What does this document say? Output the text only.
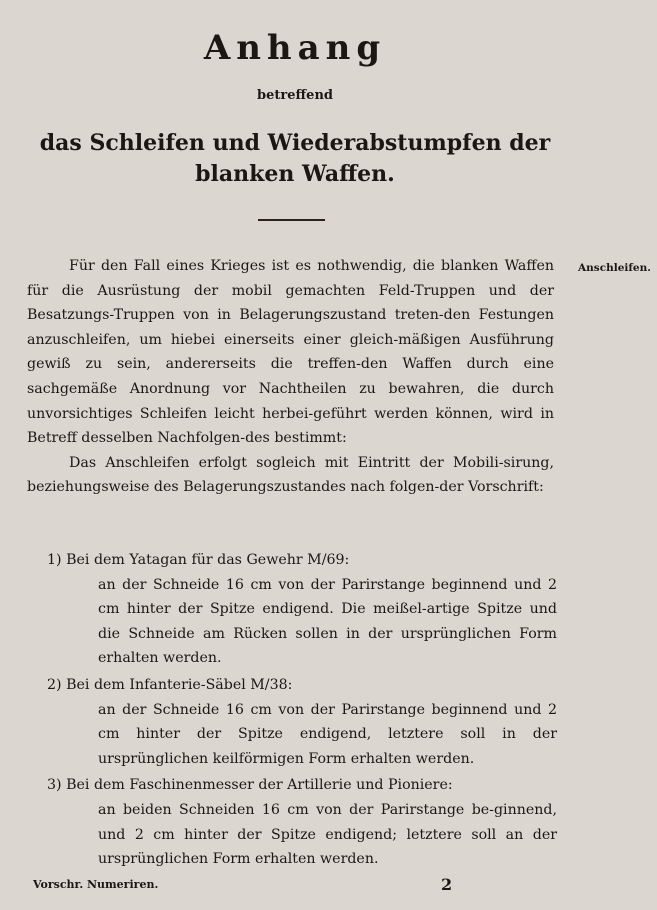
Anhang

betreffend

das Schleifen und Wiederabstumpfen der
blanken Waffen.

Anschleifen.

Für den Fall eines Krieges ist es nothwendig, die blanken Waffen für die Ausrüstung der mobil gemachten Feld-Truppen und der Besatzungs-Truppen von in Belagerungszustand treten-den Festungen anzuschleifen, um hiebei einerseits einer gleich-mäßigen Ausführung gewiß zu sein, andererseits die treffen-den Waffen durch eine sachgemäße Anordnung vor Nachtheilen zu bewahren, die durch unvorsichtiges Schleifen leicht herbei-geführt werden können, wird in Betreff desselben Nachfolgen-des bestimmt:

Das Anschleifen erfolgt sogleich mit Eintritt der Mobili-sirung, beziehungsweise des Belagerungszustandes nach folgen-der Vorschrift:

1) Bei dem Yatagan für das Gewehr M/69:

an der Schneide 16 cm von der Parirstange beginnend und 2 cm hinter der Spitze endigend. Die meißel-artige Spitze und die Schneide am Rücken sollen in der ursprünglichen Form erhalten werden.

2) Bei dem Infanterie-Säbel M/38:

an der Schneide 16 cm von der Parirstange beginnend und 2 cm hinter der Spitze endigend, letztere soll in der ursprünglichen keilförmigen Form erhalten werden.

3) Bei dem Faschinenmesser der Artillerie und Pioniere:

an beiden Schneiden 16 cm von der Parirstange be-ginnend, und 2 cm hinter der Spitze endigend; letztere soll an der ursprünglichen Form erhalten werden.

Vorschr. Numeriren.	2
